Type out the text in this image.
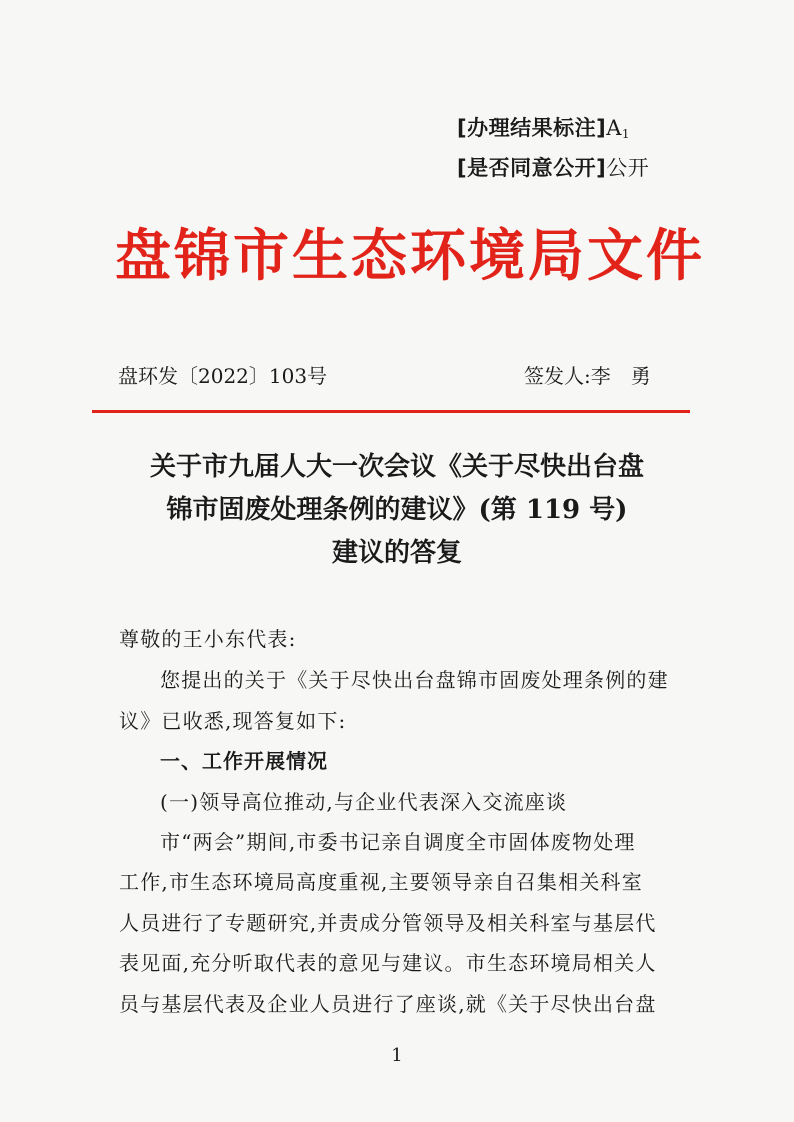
[办理结果标注]$A_1$
[是否同意公开]公开
盘锦市生态环境局文件
盘环发〔2022〕103号	签发人:李　勇
关于市九届人大一次会议《关于尽快出台盘
锦市固废处理条例的建议》(第 119 号)
建议的答复
尊敬的王小东代表:
您提出的关于《关于尽快出台盘锦市固废处理条例的建
议》已收悉,现答复如下:
一、工作开展情况
(一)领导高位推动,与企业代表深入交流座谈
市“两会”期间,市委书记亲自调度全市固体废物处理
工作,市生态环境局高度重视,主要领导亲自召集相关科室
人员进行了专题研究,并责成分管领导及相关科室与基层代
表见面,充分听取代表的意见与建议。市生态环境局相关人
员与基层代表及企业人员进行了座谈,就《关于尽快出台盘
1
